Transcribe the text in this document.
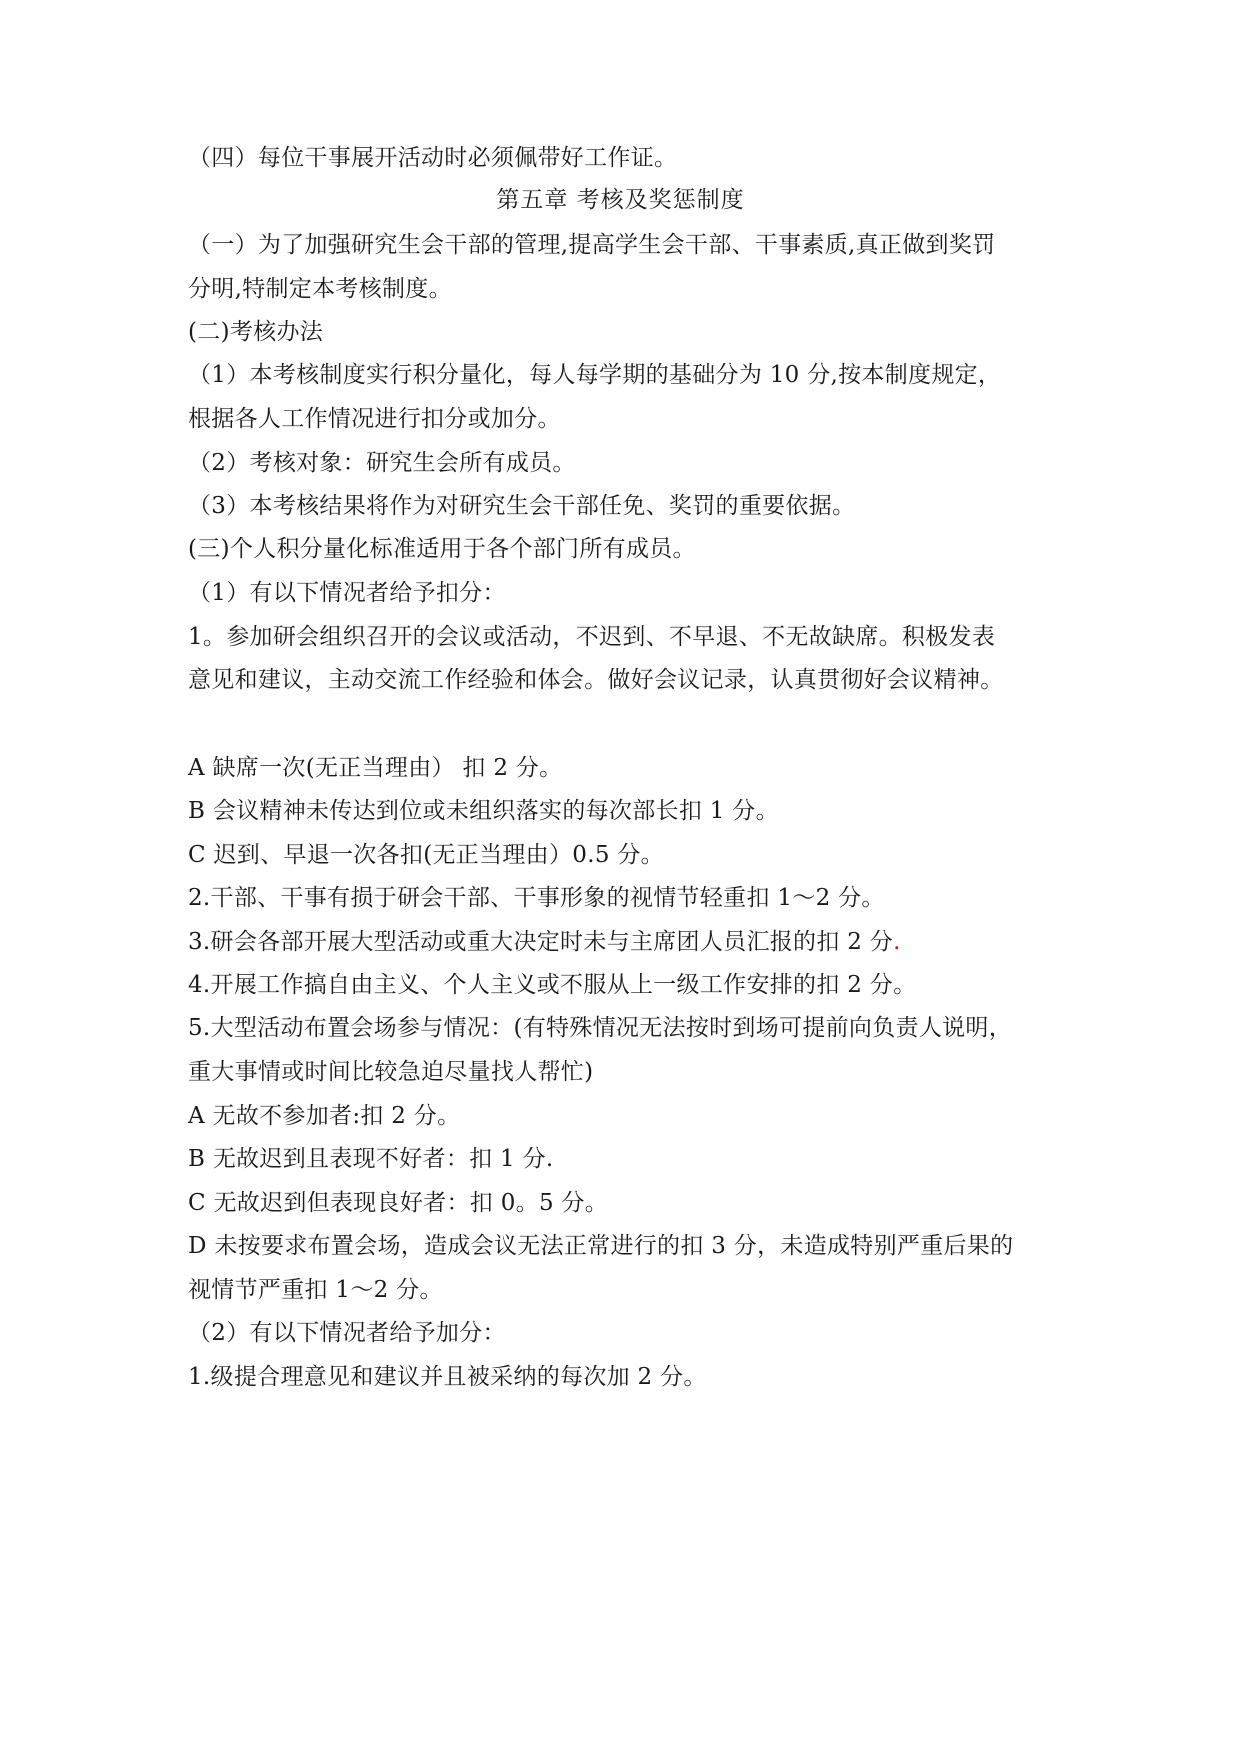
（四）每位干事展开活动时必须佩带好工作证。
第五章 考核及奖惩制度
（一）为了加强研究生会干部的管理,提高学生会干部、干事素质,真正做到奖罚
分明,特制定本考核制度。
(二)考核办法
（1）本考核制度实行积分量化，每人每学期的基础分为 10 分,按本制度规定，
根据各人工作情况进行扣分或加分。
（2）考核对象：研究生会所有成员。
（3）本考核结果将作为对研究生会干部任免、奖罚的重要依据。
(三)个人积分量化标准适用于各个部门所有成员。
（1）有以下情况者给予扣分：
1。参加研会组织召开的会议或活动，不迟到、不早退、不无故缺席。积极发表
意见和建议，主动交流工作经验和体会。做好会议记录，认真贯彻好会议精神。
A 缺席一次(无正当理由） 扣 2 分。
B 会议精神未传达到位或未组织落实的每次部长扣 1 分。
C 迟到、早退一次各扣(无正当理由）0.5 分。
2.干部、干事有损于研会干部、干事形象的视情节轻重扣 1～2 分。
3.研会各部开展大型活动或重大决定时未与主席团人员汇报的扣 2 分.
4.开展工作搞自由主义、个人主义或不服从上一级工作安排的扣 2 分。
5.大型活动布置会场参与情况：(有特殊情况无法按时到场可提前向负责人说明，
重大事情或时间比较急迫尽量找人帮忙)
A 无故不参加者:扣 2 分。
B 无故迟到且表现不好者：扣 1 分.
C 无故迟到但表现良好者：扣 0。5 分。
D 未按要求布置会场，造成会议无法正常进行的扣 3 分，未造成特别严重后果的
视情节严重扣 1～2 分。
（2）有以下情况者给予加分：
1.级提合理意见和建议并且被采纳的每次加 2 分。
